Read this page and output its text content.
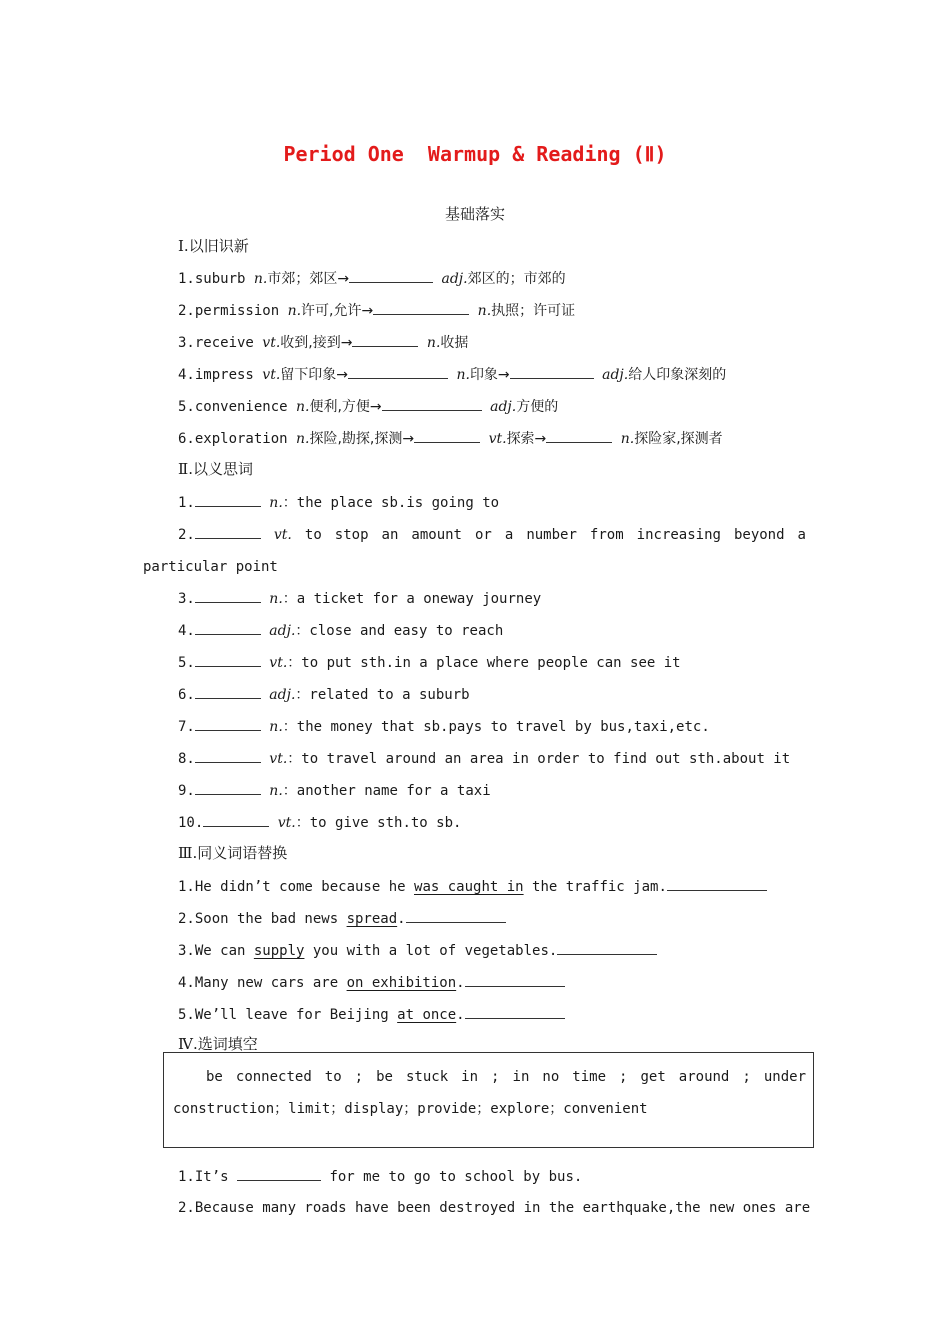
Period One  Warmup & Reading (Ⅱ)
基础落实
Ⅰ.以旧识新
1.suburb n.市郊；郊区→	adj.郊区的；市郊的
2.permission n.许可,允许→	n.执照；许可证
3.receive vt.收到,接到→	n.收据
4.impress vt.留下印象→	n.印象→	adj.给人印象深刻的
5.convenience n.便利,方便→	adj.方便的
6.exploration n.探险,勘探,探测→	vt.探索→	n.探险家,探测者
Ⅱ.以义思词
1.	n.：the place sb.is going to
2.	vt. to stop an amount or a number from increasing beyond a
particular point
3.	n.：a ticket for a oneway journey
4.	adj.：close and easy to reach
5.	vt.：to put sth.in a place where people can see it
6.	adj.：related to a suburb
7.	n.：the money that sb.pays to travel by bus,taxi,etc.
8.	vt.：to travel around an area in order to find out sth.about it
9.	n.：another name for a taxi
10.	vt.：to give sth.to sb.
Ⅲ.同义词语替换
1.He didn’t come because he was caught in the traffic jam.
2.Soon the bad news spread.
3.We can supply you with a lot of vegetables.
4.Many new cars are on exhibition.
5.We’ll leave for Beijing at once.
Ⅳ.选词填空
be connected to ; be stuck in ; in no time ; get around ; under
construction；limit；display；provide；explore；convenient
1.It’s	for me to go to school by bus.
2.Because many roads have been destroyed in the earthquake,the new ones are
